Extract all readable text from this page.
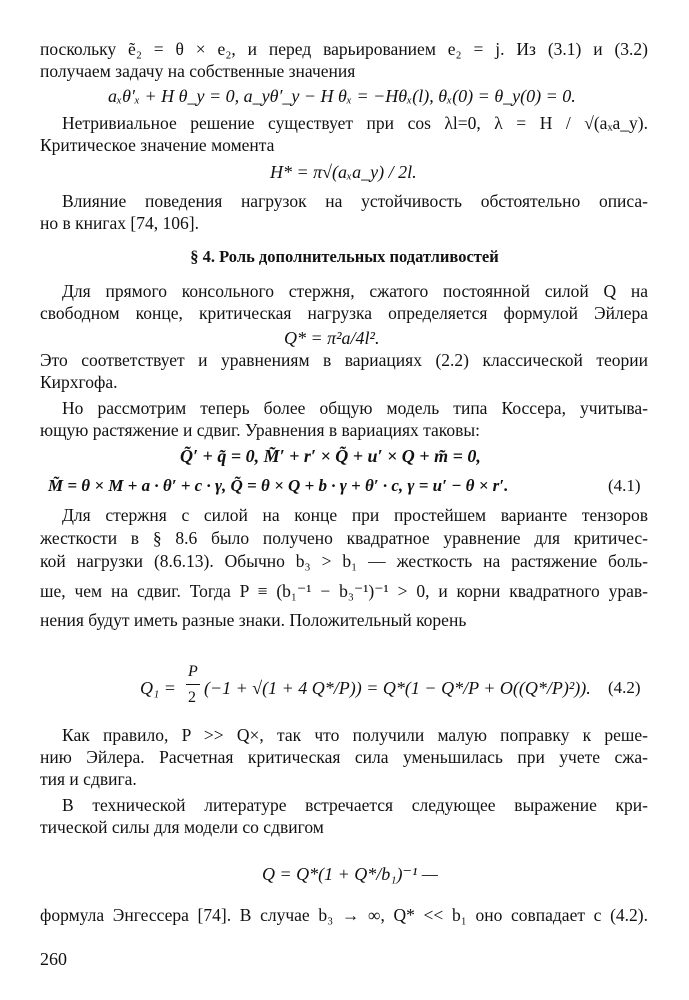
поскольку ẽ₂ = θ × e₂, и перед варьированием e₂ = j. Из (3.1) и (3.2)
получаем задачу на собственные значения
aₓθ′ₓ + H θ_y = 0, a_yθ′_y − H θₓ = −Hθₓ(l), θₓ(0) = θ_y(0) = 0.
Нетривиальное решение существует при cos λl=0, λ = H / √(aₓa_y).
Критическое значение момента
H* = π√(aₓa_y) / 2l.
Влияние поведения нагрузок на устойчивость обстоятельно описа-
но в книгах [74, 106].
§ 4. Роль дополнительных податливостей
Для прямого консольного стержня, сжатого постоянной силой Q на
свободном конце, критическая нагрузка определяется формулой Эйлера
Q* = π²a/4l².
Это соответствует и уравнениям в вариациях (2.2) классической теории
Кирхгофа.
Но рассмотрим теперь более общую модель типа Коссера, учитыва-
ющую растяжение и сдвиг. Уравнения в вариациях таковы:
Q̃′ + q̃ = 0, M̃′ + r′ × Q̃ + u′ × Q + m̃ = 0,
M̃ = θ × M + a · θ′ + c · γ, Q̃ = θ × Q + b · γ + θ′ · c, γ = u′ − θ × r′.	(4.1)
Для стержня с силой на конце при простейшем варианте тензоров
жесткости в § 8.6 было получено квадратное уравнение для критичес-
кой нагрузки (8.6.13). Обычно b₃ > b₁ — жесткость на растяжение боль-
ше, чем на сдвиг. Тогда P ≡ (b₁⁻¹ − b₃⁻¹)⁻¹ > 0, и корни квадратного урав-
нения будут иметь разные знаки. Положительный корень
Q₁ =
P
2 (−1 + √(1 + 4 Q*/P)) = Q*(1 − Q*/P + O((Q*/P)²)). (4.2)
Как правило, P >> Q×, так что получили малую поправку к реше-
нию Эйлера. Расчетная критическая сила уменьшилась при учете сжа-
тия и сдвига.
В технической литературе встречается следующее выражение кри-
тической силы для модели со сдвигом
Q = Q*(1 + Q*/b₁)⁻¹ —
формула Энгессера [74]. В случае b₃ → ∞, Q* << b₁ оно совпадает с (4.2).
260
